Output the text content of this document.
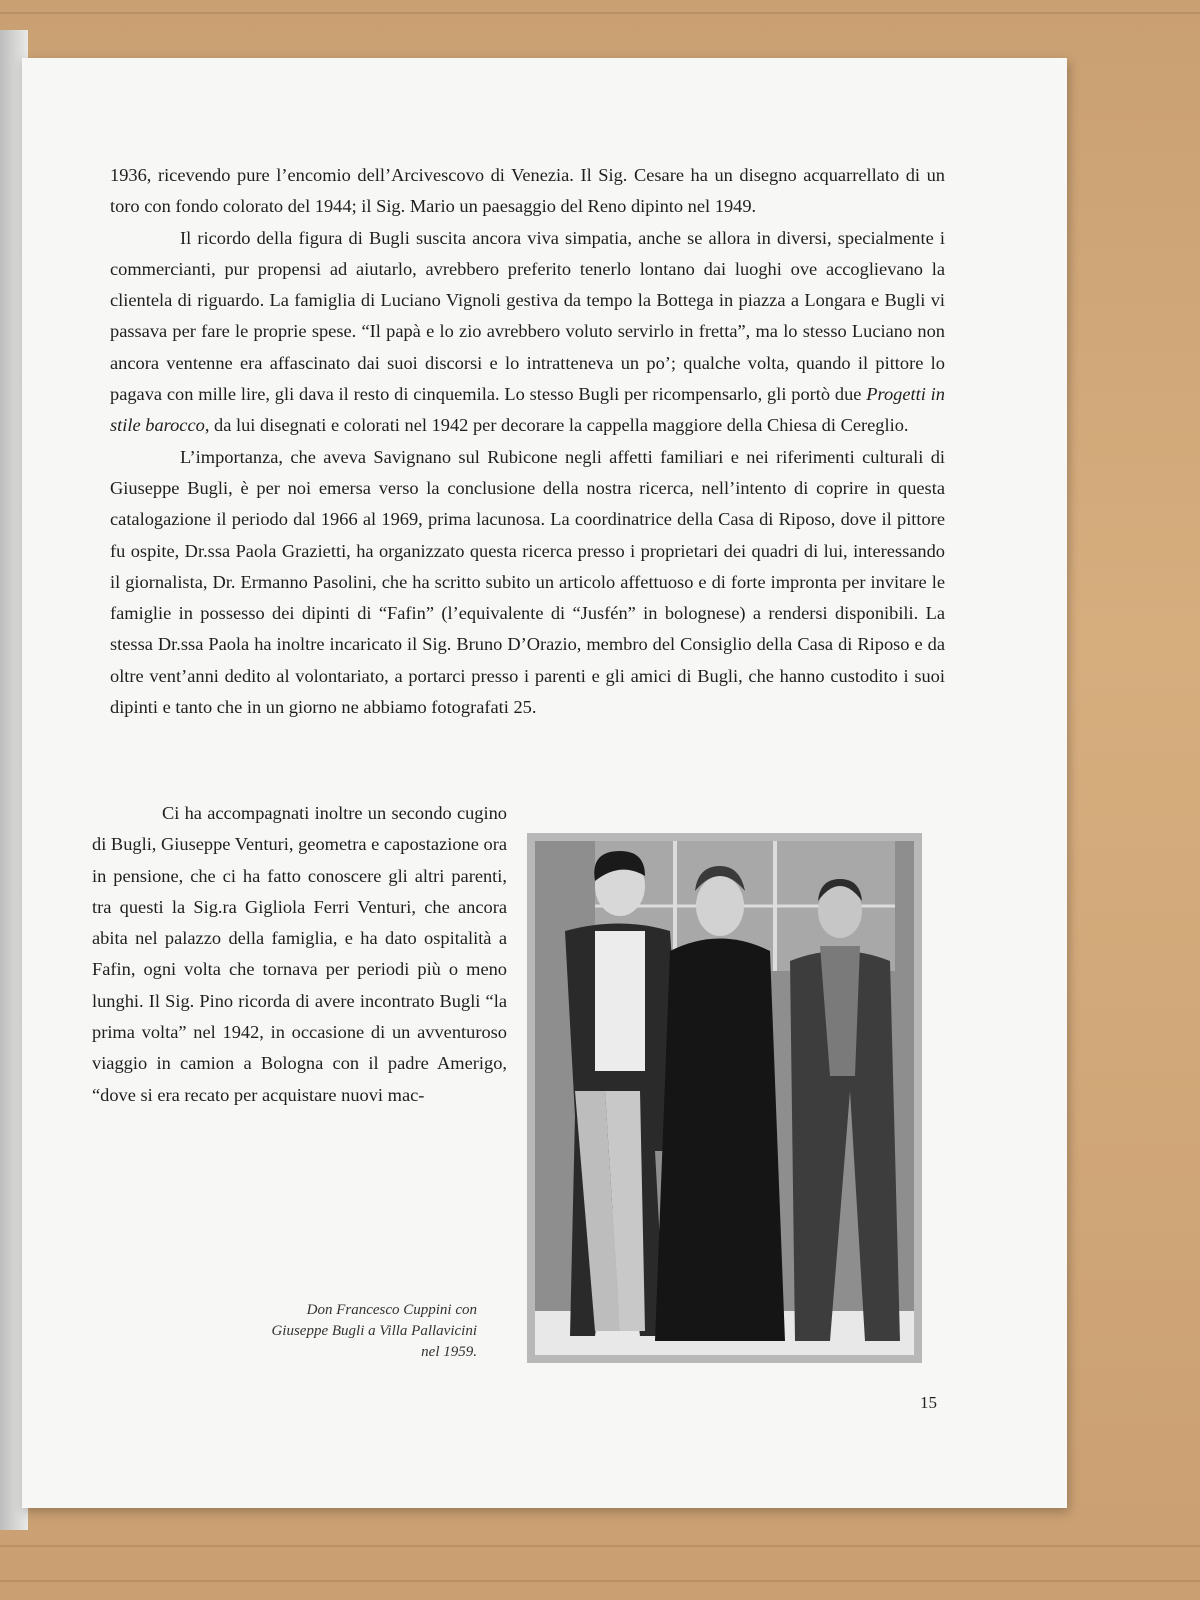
1936, ricevendo pure l’encomio dell’Arcivescovo di Venezia. Il Sig. Cesare ha un disegno acquarrellato di un toro con fondo colorato del 1944; il Sig. Mario un paesaggio del Reno dipinto nel 1949.

Il ricordo della figura di Bugli suscita ancora viva simpatia, anche se allora in diversi, specialmente i commercianti, pur propensi ad aiutarlo, avrebbero preferito tenerlo lontano dai luoghi ove accoglievano la clientela di riguardo. La famiglia di Luciano Vignoli gestiva da tempo la Bottega in piazza a Longara e Bugli vi passava per fare le proprie spese. “Il papà e lo zio avrebbero voluto servirlo in fretta”, ma lo stesso Luciano non ancora ventenne era affascinato dai suoi discorsi e lo intratteneva un po’; qualche volta, quando il pittore lo pagava con mille lire, gli dava il resto di cinquemila. Lo stesso Bugli per ricompensarlo, gli portò due Progetti in stile barocco, da lui disegnati e colorati nel 1942 per decorare la cappella maggiore della Chiesa di Cereglio.

L’importanza, che aveva Savignano sul Rubicone negli affetti familiari e nei riferimenti culturali di Giuseppe Bugli, è per noi emersa verso la conclusione della nostra ricerca, nell’intento di coprire in questa catalogazione il periodo dal 1966 al 1969, prima lacunosa. La coordinatrice della Casa di Riposo, dove il pittore fu ospite, Dr.ssa Paola Grazietti, ha organizzato questa ricerca presso i proprietari dei quadri di lui, interessando il giornalista, Dr. Ermanno Pasolini, che ha scritto subito un articolo affettuoso e di forte impronta per invitare le famiglie in possesso dei dipinti di “Fafin” (l’equivalente di “Jusfén” in bolognese) a rendersi disponibili. La stessa Dr.ssa Paola ha inoltre incaricato il Sig. Bruno D’Orazio, membro del Consiglio della Casa di Riposo e da oltre vent’anni dedito al volontariato, a portarci presso i parenti e gli amici di Bugli, che hanno custodito i suoi dipinti e tanto che in un giorno ne abbiamo fotografati 25.

Ci ha accompagnati inoltre un secondo cugino di Bugli, Giuseppe Venturi, geometra e capostazione ora in pensione, che ci ha fatto conoscere gli altri parenti, tra questi la Sig.ra Gigliola Ferri Venturi, che ancora abita nel palazzo della famiglia, e ha dato ospitalità a Fafin, ogni volta che tornava per periodi più o meno lunghi. Il Sig. Pino ricorda di avere incontrato Bugli “la prima volta” nel 1942, in occasione di un avventuroso viaggio in camion a Bologna con il padre Amerigo, “dove si era recato per acquistare nuovi mac-

Don Francesco Cuppini con Giuseppe Bugli a Villa Pallavicini nel 1959.
15
